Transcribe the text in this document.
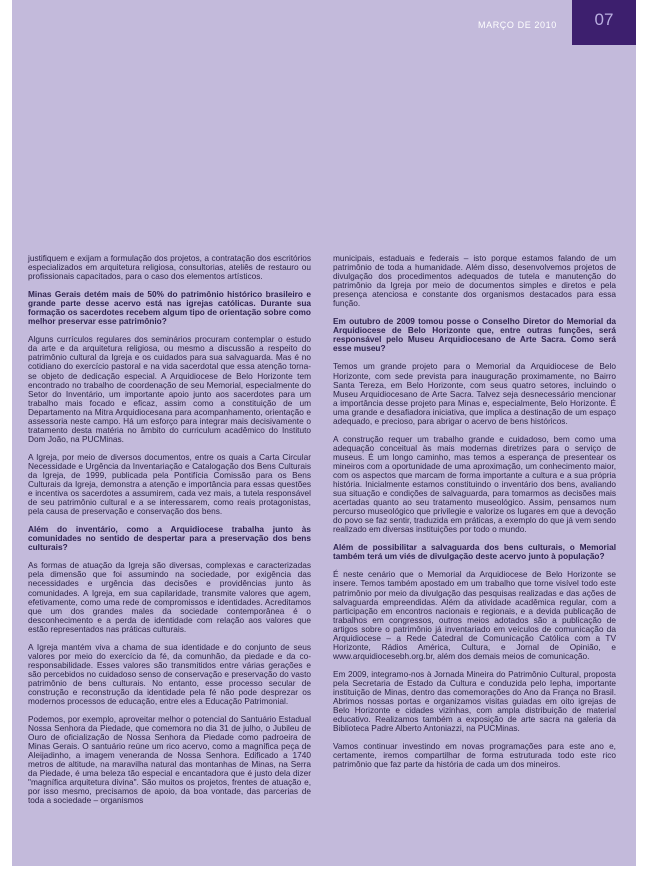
MARÇO DE 2010	07

justifiquem e exijam a formulação dos projetos, a contratação dos escritórios especializados em arquitetura religiosa, consultorias, ateliês de restauro ou profissionais capacitados, para o caso dos elementos artísticos.

Minas Gerais detém mais de 50% do patrimônio histórico brasileiro e grande parte desse acervo está nas igrejas católicas. Durante sua formação os sacerdotes recebem algum tipo de orientação sobre como melhor preservar esse patrimônio?

Alguns currículos regulares dos seminários procuram contemplar o estudo da arte e da arquitetura religiosa, ou mesmo a discussão a respeito do patrimônio cultural da Igreja e os cuidados para sua salvaguarda. Mas é no cotidiano do exercício pastoral e na vida sacerdotal que essa atenção torna-se objeto de dedicação especial. A Arquidiocese de Belo Horizonte tem encontrado no trabalho de coordenação de seu Memorial, especialmente do Setor do Inventário, um importante apoio junto aos sacerdotes para um trabalho mais focado e eficaz, assim como a constituição de um Departamento na Mitra Arquidiocesana para acompanhamento, orientação e assessoria neste campo. Há um esforço para integrar mais decisivamente o tratamento desta matéria no âmbito do curriculum acadêmico do Instituto Dom João, na PUCMinas.

A Igreja, por meio de diversos documentos, entre os quais a Carta Circular Necessidade e Urgência da Inventariação e Catalogação dos Bens Culturais da Igreja, de 1999, publicada pela Pontifícia Comissão para os Bens Culturais da Igreja, demonstra a atenção e importância para essas questões e incentiva os sacerdotes a assumirem, cada vez mais, a tutela responsável de seu patrimônio cultural e a se interessarem, como reais protagonistas, pela causa de preservação e conservação dos bens.

Além do inventário, como a Arquidiocese trabalha junto às comunidades no sentido de despertar para a preservação dos bens culturais?

As formas de atuação da Igreja são diversas, complexas e caracterizadas pela dimensão que foi assumindo na sociedade, por exigência das necessidades e urgência das decisões e providências junto às comunidades. A Igreja, em sua capilaridade, transmite valores que agem, efetivamente, como uma rede de compromissos e identidades. Acreditamos que um dos grandes males da sociedade contemporânea é o desconhecimento e a perda de identidade com relação aos valores que estão representados nas práticas culturais.

A Igreja mantém viva a chama de sua identidade e do conjunto de seus valores por meio do exercício da fé, da comunhão, da piedade e da co-responsabilidade. Esses valores são transmitidos entre várias gerações e são percebidos no cuidadoso senso de conservação e preservação do vasto patrimônio de bens culturais. No entanto, esse processo secular de construção e reconstrução da identidade pela fé não pode desprezar os modernos processos de educação, entre eles a Educação Patrimonial.

Podemos, por exemplo, aproveitar melhor o potencial do Santuário Estadual Nossa Senhora da Piedade, que comemora no dia 31 de julho, o Jubileu de Ouro de oficialização de Nossa Senhora da Piedade como padroeira de Minas Gerais. O santuário reúne um rico acervo, como a magnífica peça de Aleijadinho, a imagem veneranda de Nossa Senhora. Edificado a 1740 metros de altitude, na maravilha natural das montanhas de Minas, na Serra da Piedade, é uma beleza tão especial e encantadora que é justo dela dizer "magnífica arquitetura divina". São muitos os projetos, frentes de atuação e, por isso mesmo, precisamos de apoio, da boa vontade, das parcerias de toda a sociedade – organismos

municipais, estaduais e federais – isto porque estamos falando de um patrimônio de toda a humanidade. Além disso, desenvolvemos projetos de divulgação dos procedimentos adequados de tutela e manutenção do patrimônio da Igreja por meio de documentos simples e diretos e pela presença atenciosa e constante dos organismos destacados para essa função.

Em outubro de 2009 tomou posse o Conselho Diretor do Memorial da Arquidiocese de Belo Horizonte que, entre outras funções, será responsável pelo Museu Arquidiocesano de Arte Sacra. Como será esse museu?

Temos um grande projeto para o Memorial da Arquidiocese de Belo Horizonte, com sede prevista para inauguração proximamente, no Bairro Santa Tereza, em Belo Horizonte, com seus quatro setores, incluindo o Museu Arquidiocesano de Arte Sacra. Talvez seja desnecessário mencionar a importância desse projeto para Minas e, especialmente, Belo Horizonte. É uma grande e desafiadora iniciativa, que implica a destinação de um espaço adequado, e precioso, para abrigar o acervo de bens históricos.

A construção requer um trabalho grande e cuidadoso, bem como uma adequação conceitual às mais modernas diretrizes para o serviço de museus. É um longo caminho, mas temos a esperança de presentear os mineiros com a oportunidade de uma aproximação, um conhecimento maior, com os aspectos que marcam de forma importante a cultura e a sua própria história. Inicialmente estamos constituindo o inventário dos bens, avaliando sua situação e condições de salvaguarda, para tomarmos as decisões mais acertadas quanto ao seu tratamento museológico. Assim, pensamos num percurso museológico que privilegie e valorize os lugares em que a devoção do povo se faz sentir, traduzida em práticas, a exemplo do que já vem sendo realizado em diversas instituições por todo o mundo.

Além de possibilitar a salvaguarda dos bens culturais, o Memorial também terá um viés de divulgação deste acervo junto à população?

É neste cenário que o Memorial da Arquidiocese de Belo Horizonte se insere. Temos também apostado em um trabalho que torne visível todo este patrimônio por meio da divulgação das pesquisas realizadas e das ações de salvaguarda empreendidas. Além da atividade acadêmica regular, com a participação em encontros nacionais e regionais, e a devida publicação de trabalhos em congressos, outros meios adotados são a publicação de artigos sobre o patrimônio já inventariado em veículos de comunicação da Arquidiocese – a Rede Catedral de Comunicação Católica com a TV Horizonte, Rádios América, Cultura, e Jornal de Opinião, e www.arquidiocesebh.org.br, além dos demais meios de comunicação.

Em 2009, integramo-nos à Jornada Mineira do Patrimônio Cultural, proposta pela Secretaria de Estado da Cultura e conduzida pelo Iepha, importante instituição de Minas, dentro das comemorações do Ano da França no Brasil. Abrimos nossas portas e organizamos visitas guiadas em oito igrejas de Belo Horizonte e cidades vizinhas, com ampla distribuição de material educativo. Realizamos também a exposição de arte sacra na galeria da Biblioteca Padre Alberto Antoniazzi, na PUCMinas.

Vamos continuar investindo em novas programações para este ano e, certamente, iremos compartilhar de forma estruturada todo este rico patrimônio que faz parte da história de cada um dos mineiros.
